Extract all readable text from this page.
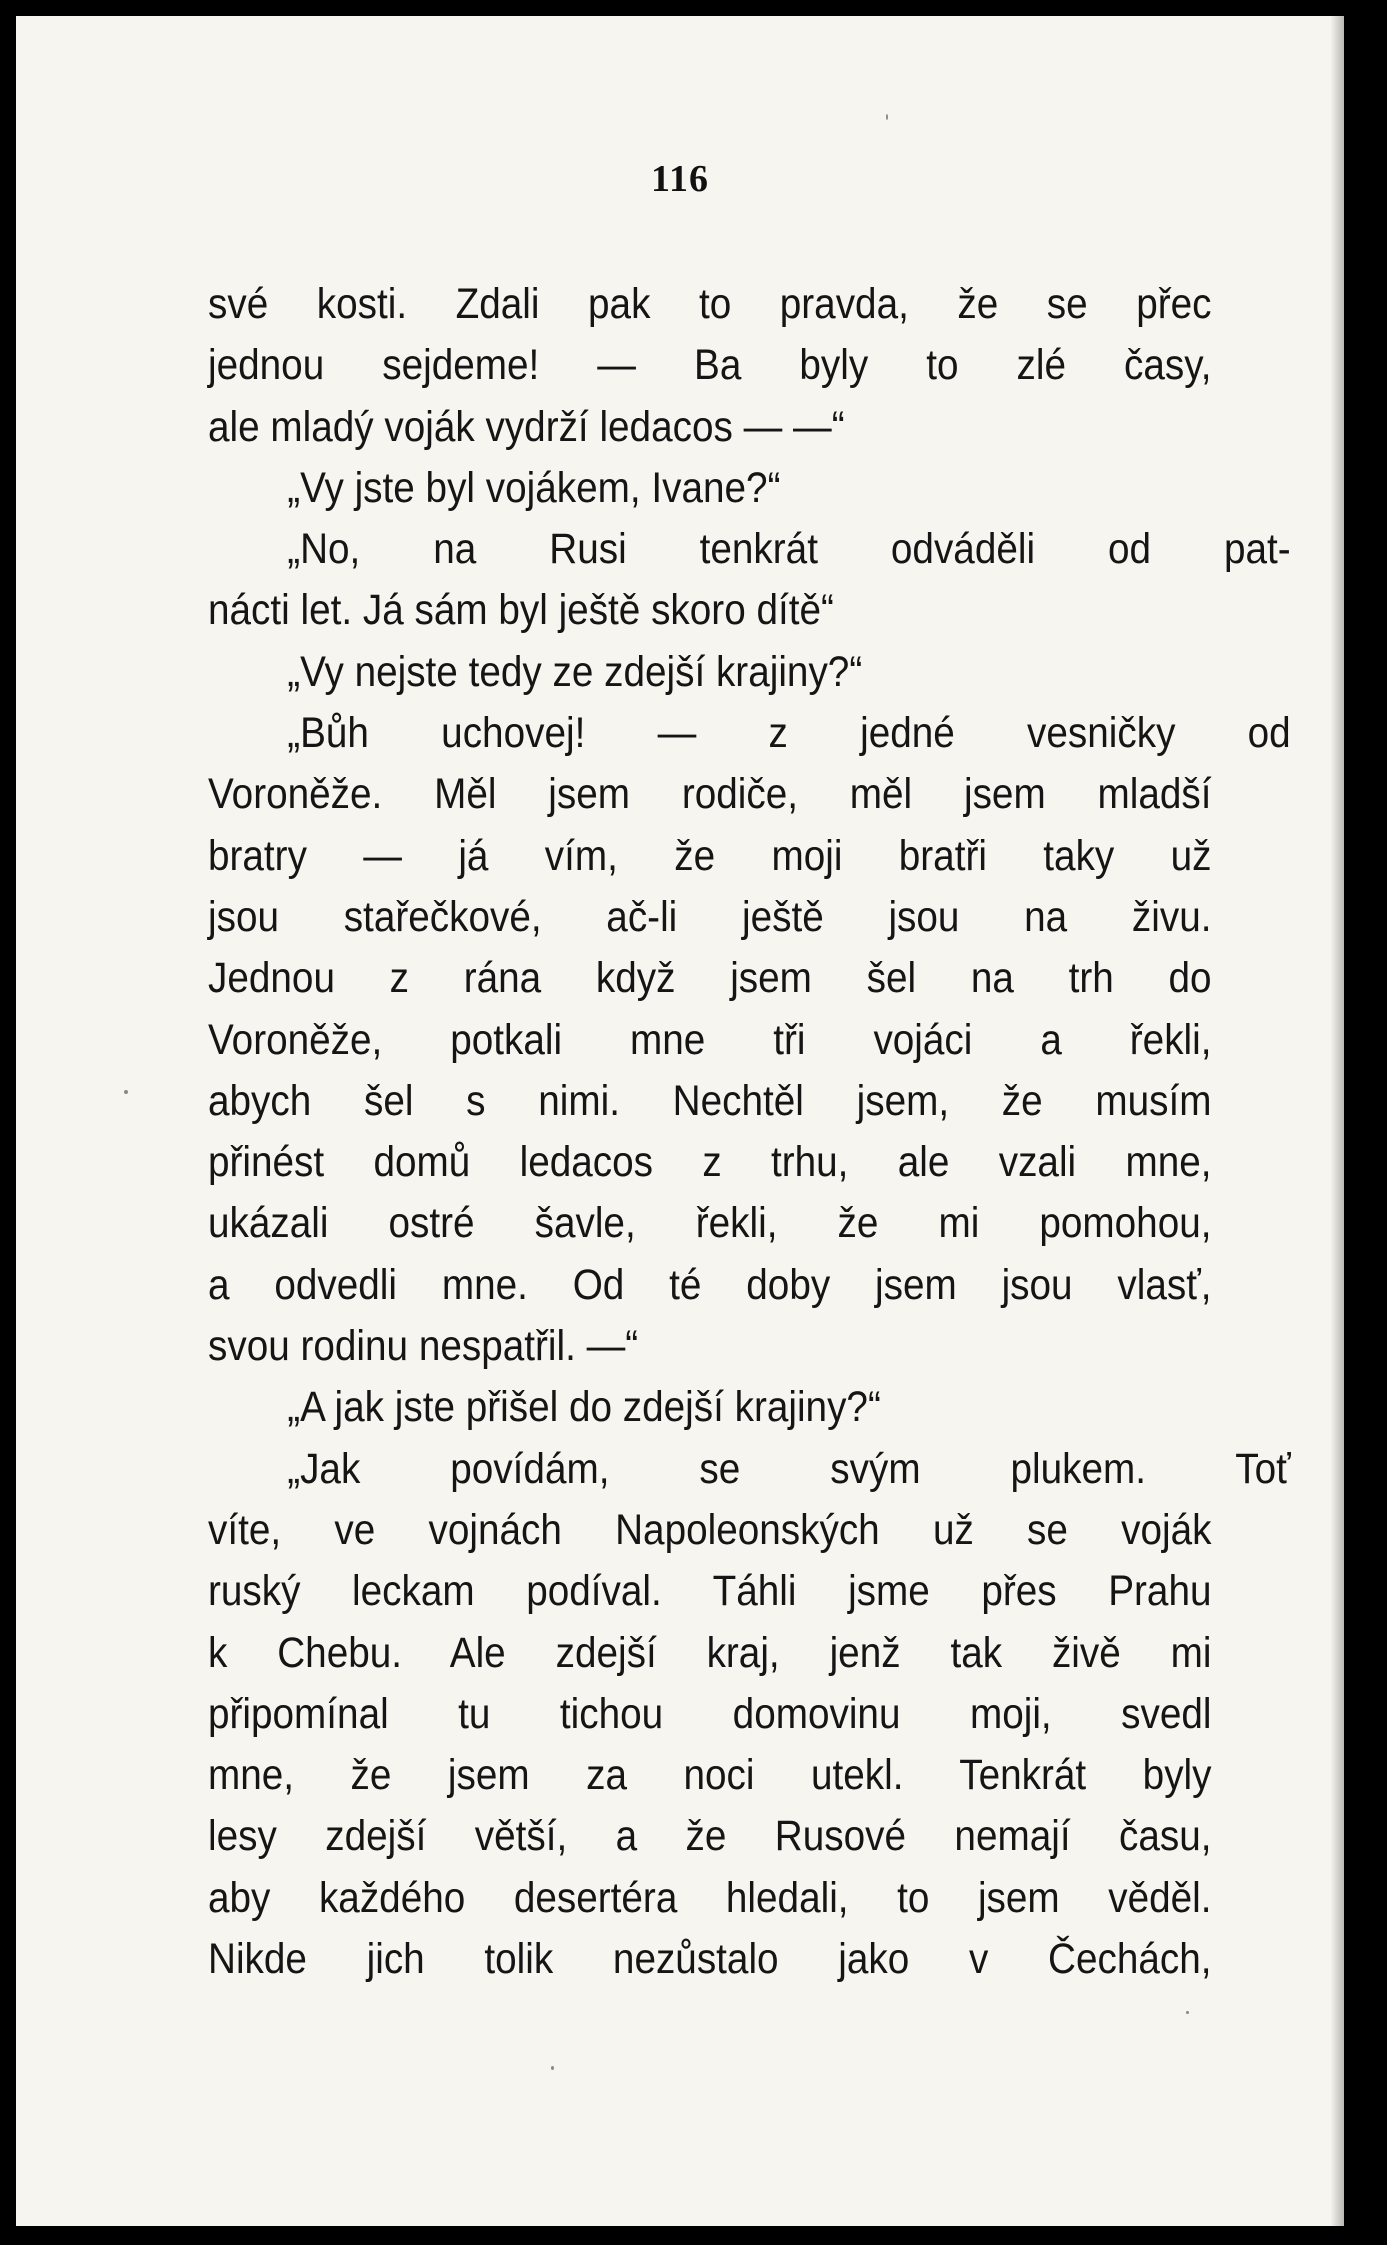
116

své kosti. Zdali pak to pravda, že se přec
jednou sejdeme! — Ba byly to zlé časy,
ale mladý voják vydrží ledacos — —“
„Vy jste byl vojákem, Ivane?“
„No, na Rusi tenkrát odváděli od pat-
nácti let. Já sám byl ještě skoro dítě“
„Vy nejste tedy ze zdejší krajiny?“
„Bůh uchovej! — z jedné vesničky od
Voroněže. Měl jsem rodiče, měl jsem mladší
bratry — já vím, že moji bratři taky už
jsou stařečkové, ač-li ještě jsou na živu.
Jednou z rána když jsem šel na trh do
Voroněže, potkali mne tři vojáci a řekli,
abych šel s nimi. Nechtěl jsem, že musím
přinést domů ledacos z trhu, ale vzali mne,
ukázali ostré šavle, řekli, že mi pomohou,
a odvedli mne. Od té doby jsem jsou vlasť,
svou rodinu nespatřil. —“
„A jak jste přišel do zdejší krajiny?“
„Jak povídám, se svým plukem. Toť
víte, ve vojnách Napoleonských už se voják
ruský leckam podíval. Táhli jsme přes Prahu
k Chebu. Ale zdejší kraj, jenž tak živě mi
připomínal tu tichou domovinu moji, svedl
mne, že jsem za noci utekl. Tenkrát byly
lesy zdejší větší, a že Rusové nemají času,
aby každého desertéra hledali, to jsem věděl.
Nikde jich tolik nezůstalo jako v Čechách,
